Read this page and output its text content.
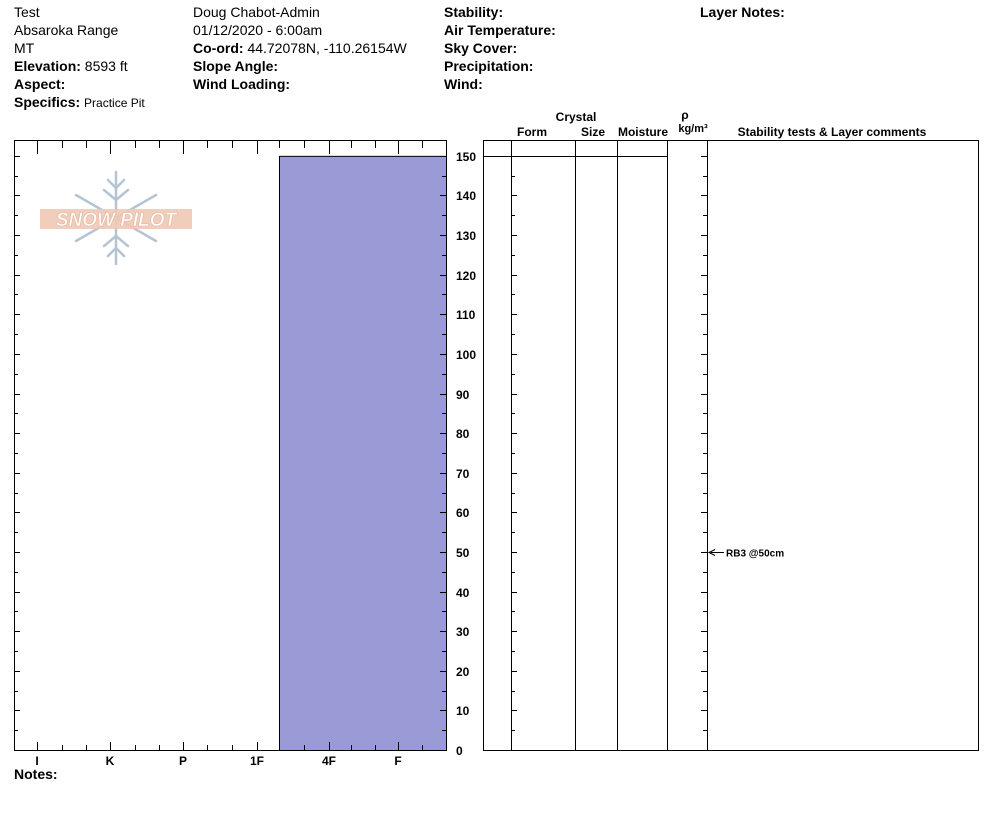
Test
Absaroka Range
MT
Elevation: 8593 ft
Aspect:
Specifics: Practice Pit
Doug Chabot-Admin
01/12/2020 - 6:00am
Co-ord: 44.72078N, -110.26154W
Slope Angle:
Wind Loading:
Stability:
Air Temperature:
Sky Cover:
Precipitation:
Wind:
Layer Notes:
Crystal
Form	Size	Moisture
ρ
kg/m³	Stability tests & Layer comments
Notes:
SNOW PILOT
I	K	P	1F	4F	F
0
10
20
30
40
50
60
70
80
90
100
110
120
130
140
150
RB3 @50cm
